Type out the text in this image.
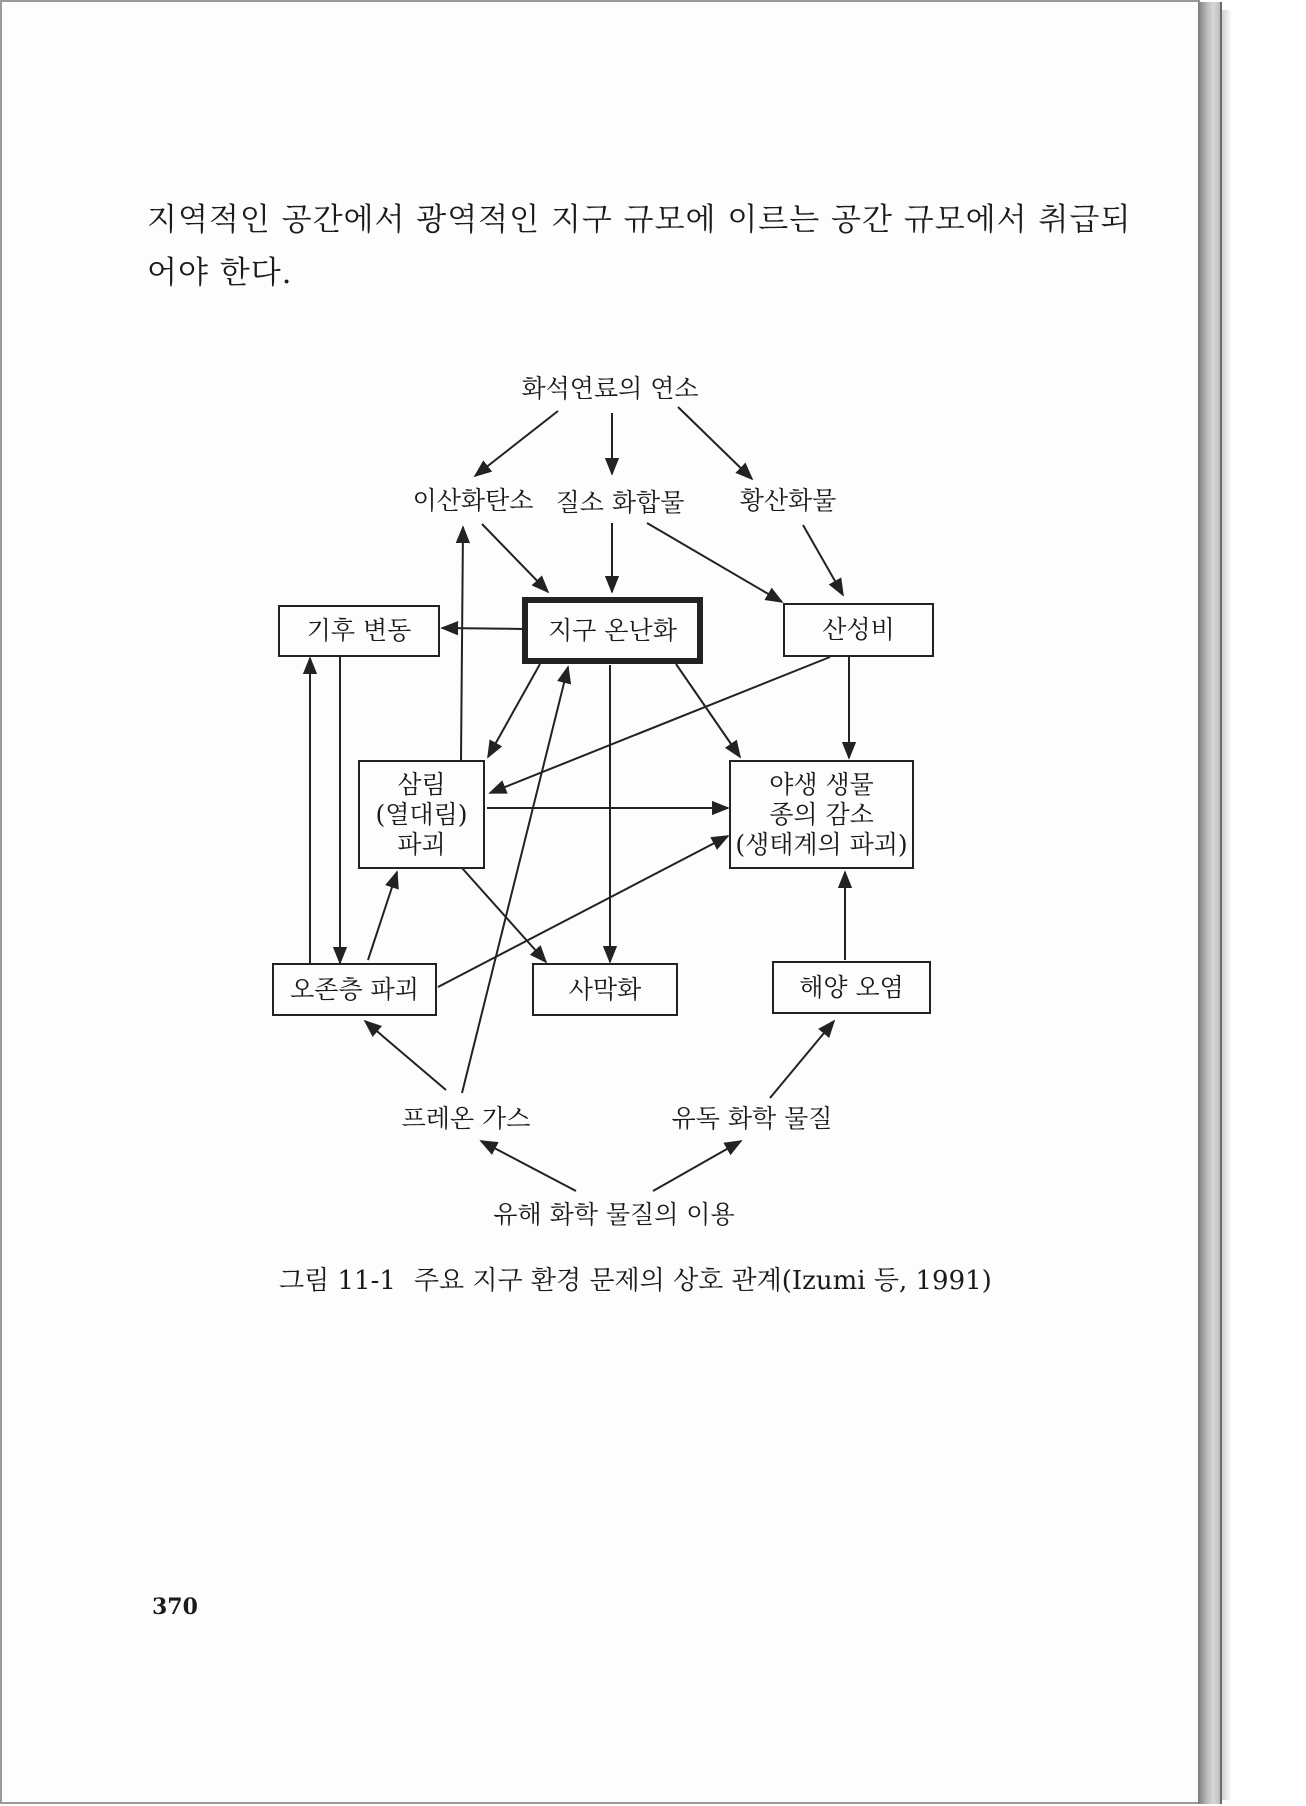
지역적인 공간에서 광역적인 지구 규모에 이르는 공간 규모에서 취급되
어야 한다.
화석연료의 연소
이산화탄소 질소 화합물 황산화물
기후 변동	지구 온난화	산성비
삼림
(열대림)
파괴
야생 생물
종의 감소
(생태계의 파괴)
오존층 파괴	사막화	해양 오염
프레온 가스	유독 화학 물질
유해 화학 물질의 이용
그림 11-1 주요 지구 환경 문제의 상호 관계(Izumi 등, 1991)
370
